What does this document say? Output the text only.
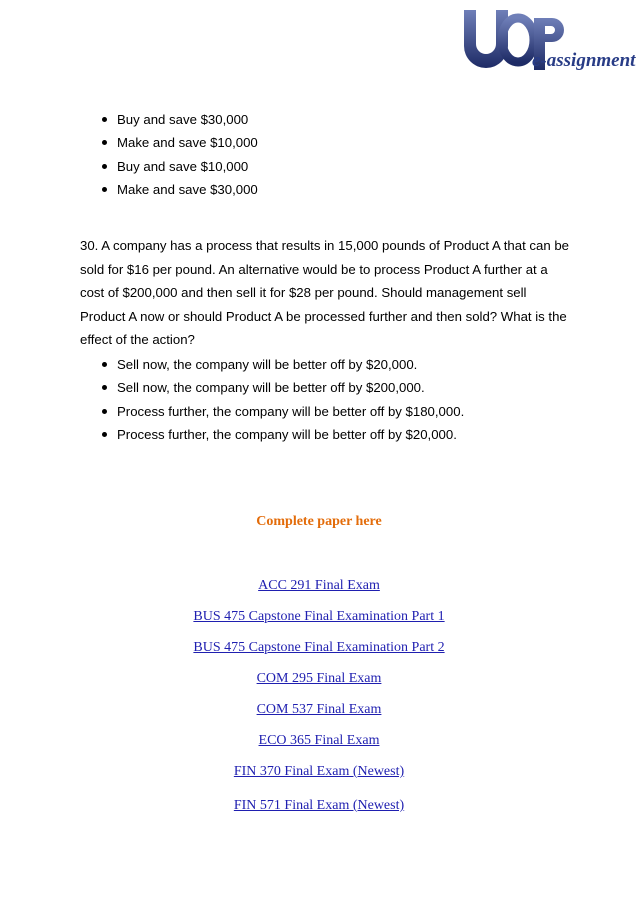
e-assignment
Buy and save $30,000
Make and save $10,000
Buy and save $10,000
Make and save $30,000

30. A company has a process that results in 15,000 pounds of Product A that can be sold for $16 per pound. An alternative would be to process Product A further at a cost of $200,000 and then sell it for $28 per pound. Should management sell Product A now or should Product A be processed further and then sold? What is the effect of the action?

Sell now, the company will be better off by $20,000.
Sell now, the company will be better off by $200,000.
Process further, the company will be better off by $180,000.
Process further, the company will be better off by $20,000.
Complete paper here
ACC 291 Final Exam
BUS 475 Capstone Final Examination Part 1
BUS 475 Capstone Final Examination Part 2
COM 295 Final Exam
COM 537 Final Exam
ECO 365 Final Exam
FIN 370 Final Exam (Newest)
FIN 571 Final Exam (Newest)
